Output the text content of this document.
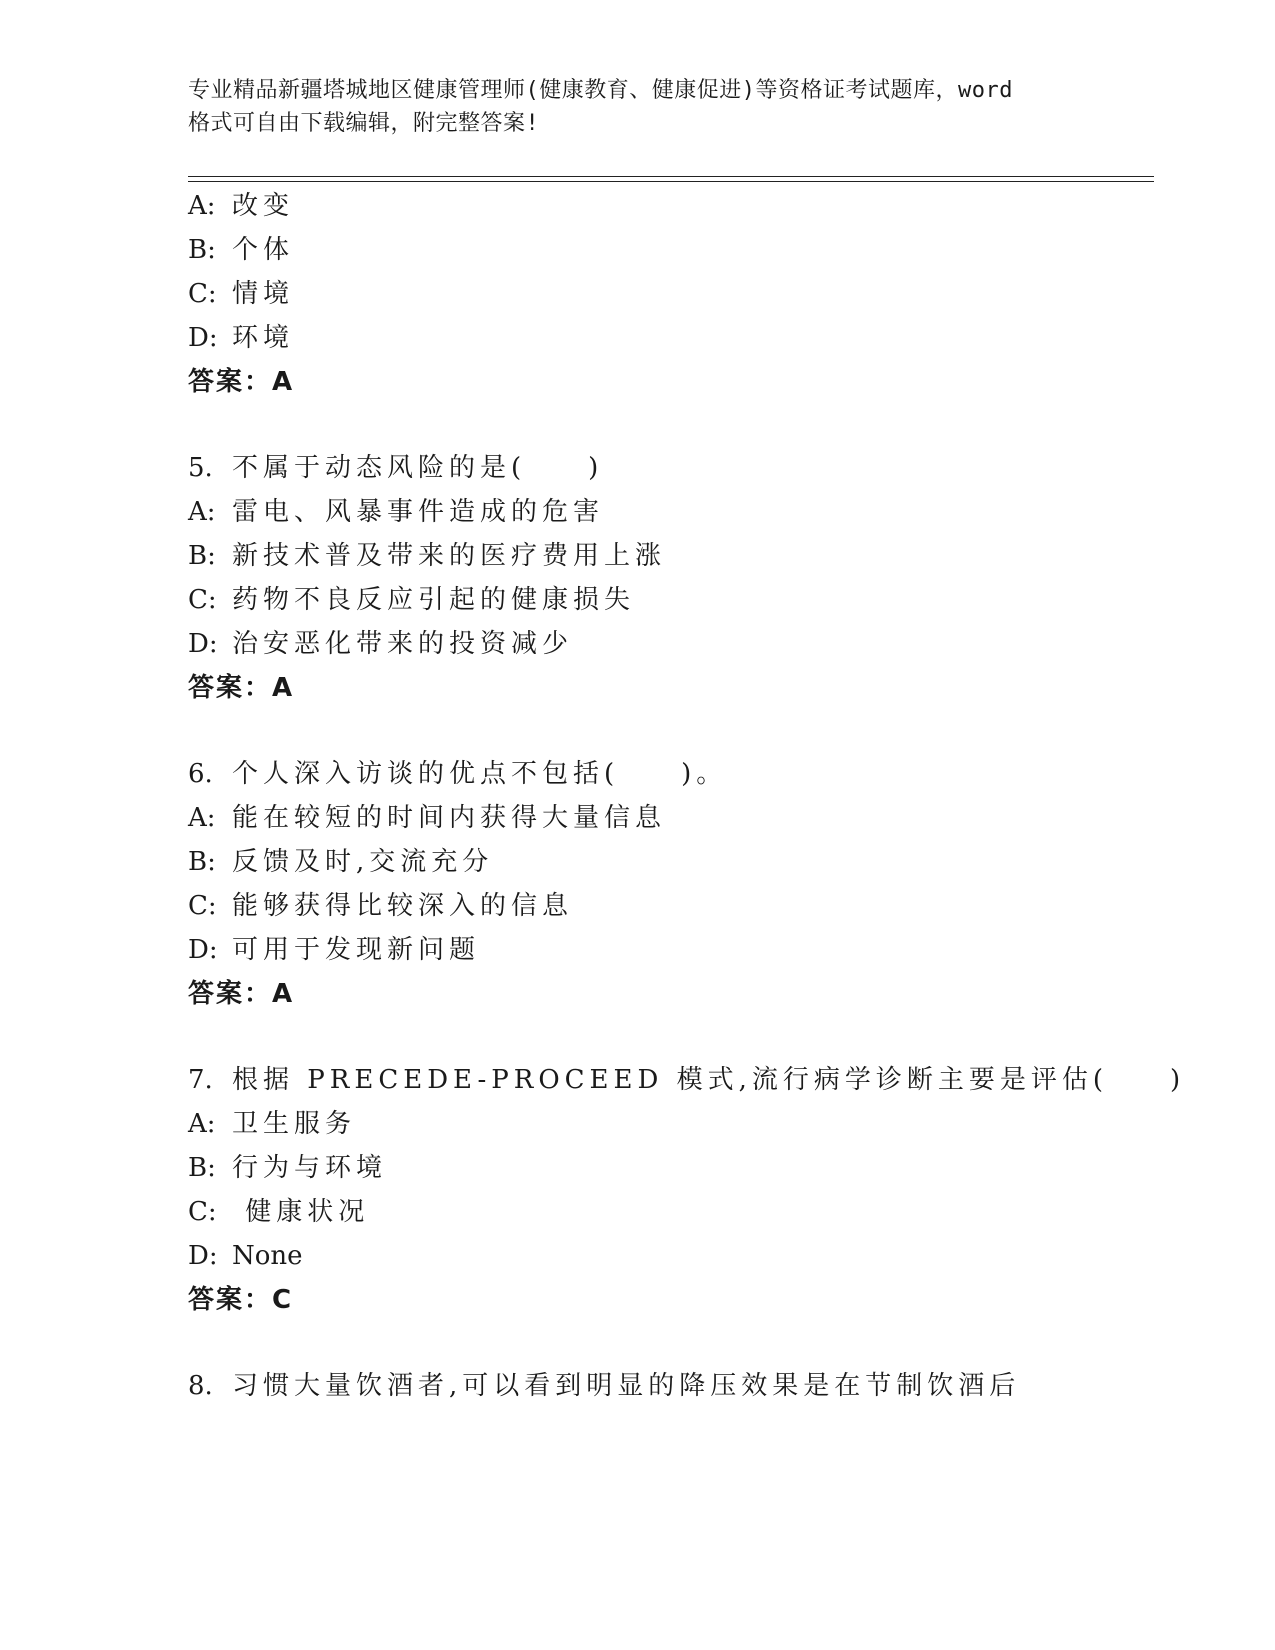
专业精品新疆塔城地区健康管理师(健康教育、健康促进)等资格证考试题库，word
格式可自由下载编辑，附完整答案!
A: 改变
B: 个体
C: 情境
D: 环境
答案：A
5. 不属于动态风险的是(　　)
A: 雷电、风暴事件造成的危害
B: 新技术普及带来的医疗费用上涨
C: 药物不良反应引起的健康损失
D: 治安恶化带来的投资减少
答案：A
6. 个人深入访谈的优点不包括(　　)。
A: 能在较短的时间内获得大量信息
B: 反馈及时,交流充分
C: 能够获得比较深入的信息
D: 可用于发现新问题
答案：A
7. 根据 PRECEDE-PROCEED 模式,流行病学诊断主要是评估(　　)
A: 卫生服务
B: 行为与环境
C: 健康状况
D: None
答案：C
8. 习惯大量饮酒者,可以看到明显的降压效果是在节制饮酒后
